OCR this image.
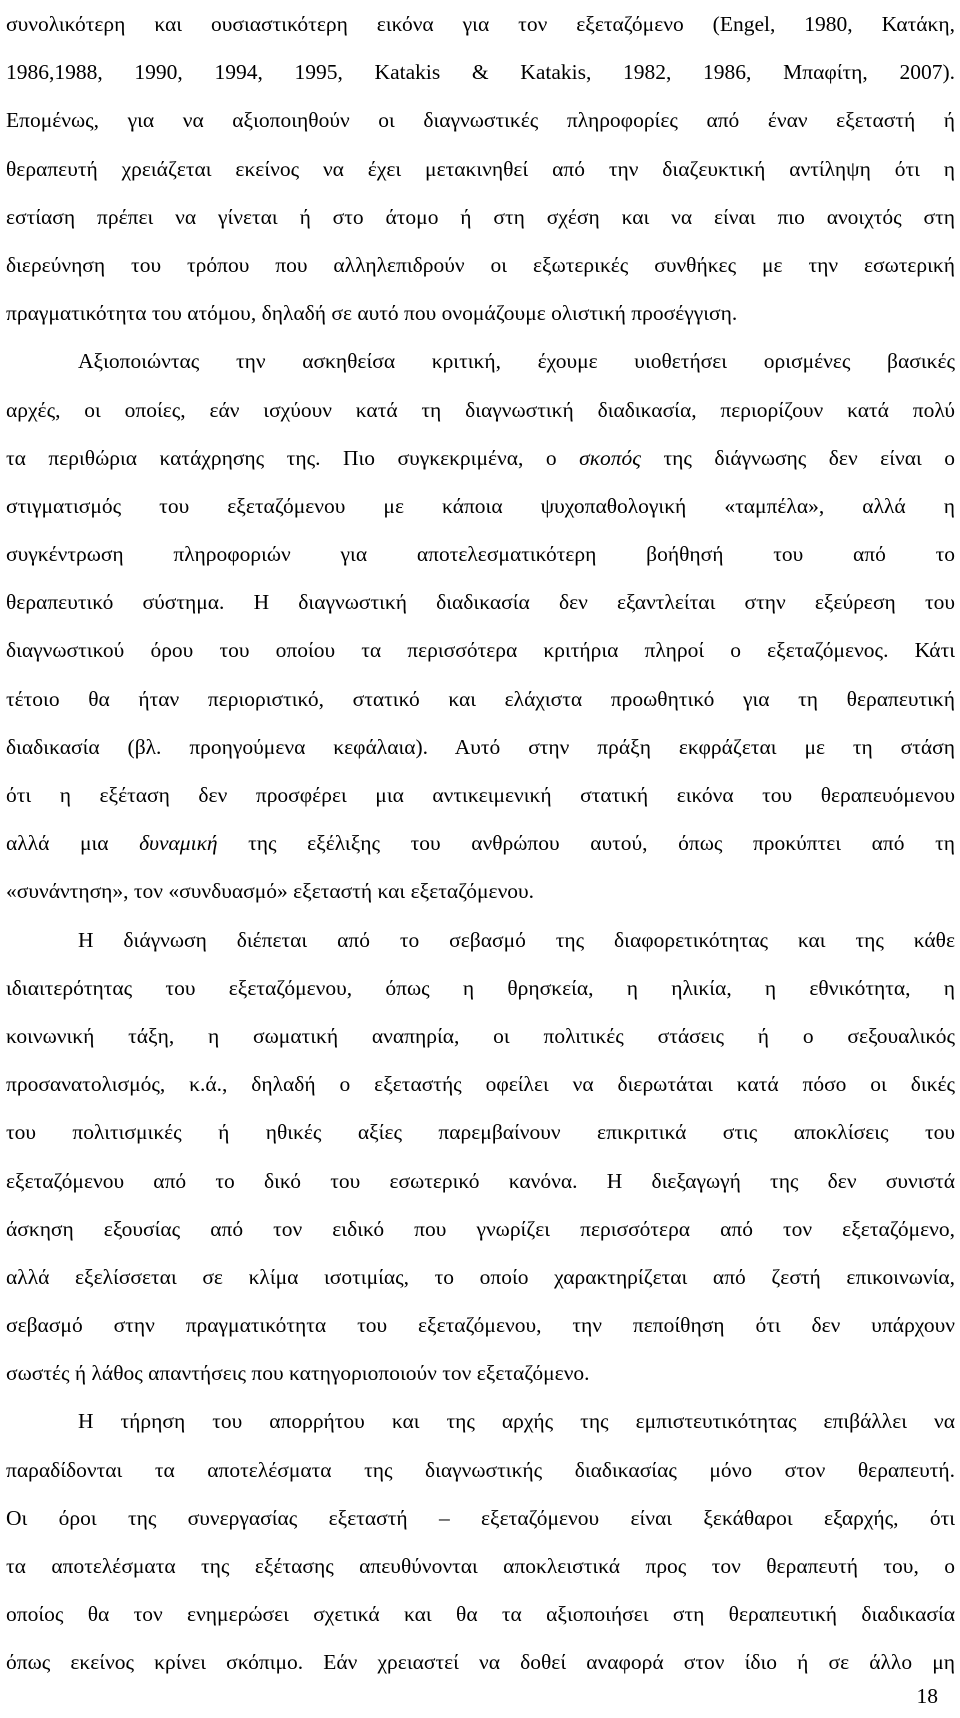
συνολικότερη και ουσιαστικότερη εικόνα για τον εξεταζόμενο (Engel, 1980, Κατάκη,
1986,1988, 1990, 1994, 1995, Katakis & Katakis, 1982, 1986, Μπαφίτη, 2007).
Επομένως, για να αξιοποιηθούν οι διαγνωστικές πληροφορίες από έναν εξεταστή ή
θεραπευτή χρειάζεται εκείνος να έχει μετακινηθεί από την διαζευκτική αντίληψη ότι η
εστίαση πρέπει να γίνεται ή στο άτομο ή στη σχέση και να είναι πιο ανοιχτός στη
διερεύνηση του τρόπου που αλληλεπιδρούν οι εξωτερικές συνθήκες με την εσωτερική
πραγματικότητα του ατόμου, δηλαδή σε αυτό που ονομάζουμε ολιστική προσέγγιση.
Αξιοποιώντας την ασκηθείσα κριτική, έχουμε υιοθετήσει ορισμένες βασικές
αρχές, οι οποίες, εάν ισχύουν κατά τη διαγνωστική διαδικασία, περιορίζουν κατά πολύ
τα περιθώρια κατάχρησης της. Πιο συγκεκριμένα, ο σκοπός της διάγνωσης δεν είναι ο
στιγματισμός του εξεταζόμενου με κάποια ψυχοπαθολογική «ταμπέλα», αλλά η
συγκέντρωση πληροφοριών για αποτελεσματικότερη βοήθησή του από το
θεραπευτικό σύστημα. Η διαγνωστική διαδικασία δεν εξαντλείται στην εξεύρεση του
διαγνωστικού όρου του οποίου τα περισσότερα κριτήρια πληροί ο εξεταζόμενος. Κάτι
τέτοιο θα ήταν περιοριστικό, στατικό και ελάχιστα προωθητικό για τη θεραπευτική
διαδικασία (βλ. προηγούμενα κεφάλαια). Αυτό στην πράξη εκφράζεται με τη στάση
ότι η εξέταση δεν προσφέρει μια αντικειμενική στατική εικόνα του θεραπευόμενου
αλλά μια δυναμική της εξέλιξης του ανθρώπου αυτού, όπως προκύπτει από τη
«συνάντηση», τον «συνδυασμό» εξεταστή και εξεταζόμενου.
Η διάγνωση διέπεται από το σεβασμό της διαφορετικότητας και της κάθε
ιδιαιτερότητας του εξεταζόμενου, όπως η θρησκεία, η ηλικία, η εθνικότητα, η
κοινωνική τάξη, η σωματική αναπηρία, οι πολιτικές στάσεις ή ο σεξουαλικός
προσανατολισμός, κ.ά., δηλαδή ο εξεταστής οφείλει να διερωτάται κατά πόσο οι δικές
του πολιτισμικές ή ηθικές αξίες παρεμβαίνουν επικριτικά στις αποκλίσεις του
εξεταζόμενου από το δικό του εσωτερικό κανόνα. Η διεξαγωγή της δεν συνιστά
άσκηση εξουσίας από τον ειδικό που γνωρίζει περισσότερα από τον εξεταζόμενο,
αλλά εξελίσσεται σε κλίμα ισοτιμίας, το οποίο χαρακτηρίζεται από ζεστή επικοινωνία,
σεβασμό στην πραγματικότητα του εξεταζόμενου, την πεποίθηση ότι δεν υπάρχουν
σωστές ή λάθος απαντήσεις που κατηγοριοποιούν τον εξεταζόμενο.
Η τήρηση του απορρήτου και της αρχής της εμπιστευτικότητας επιβάλλει να
παραδίδονται τα αποτελέσματα της διαγνωστικής διαδικασίας μόνο στον θεραπευτή.
Οι όροι της συνεργασίας εξεταστή – εξεταζόμενου είναι ξεκάθαροι εξαρχής, ότι
τα αποτελέσματα της εξέτασης απευθύνονται αποκλειστικά προς τον θεραπευτή του, ο
οποίος θα τον ενημερώσει σχετικά και θα τα αξιοποιήσει στη θεραπευτική διαδικασία
όπως εκείνος κρίνει σκόπιμο. Εάν χρειαστεί να δοθεί αναφορά στον ίδιο ή σε άλλο μη
18
